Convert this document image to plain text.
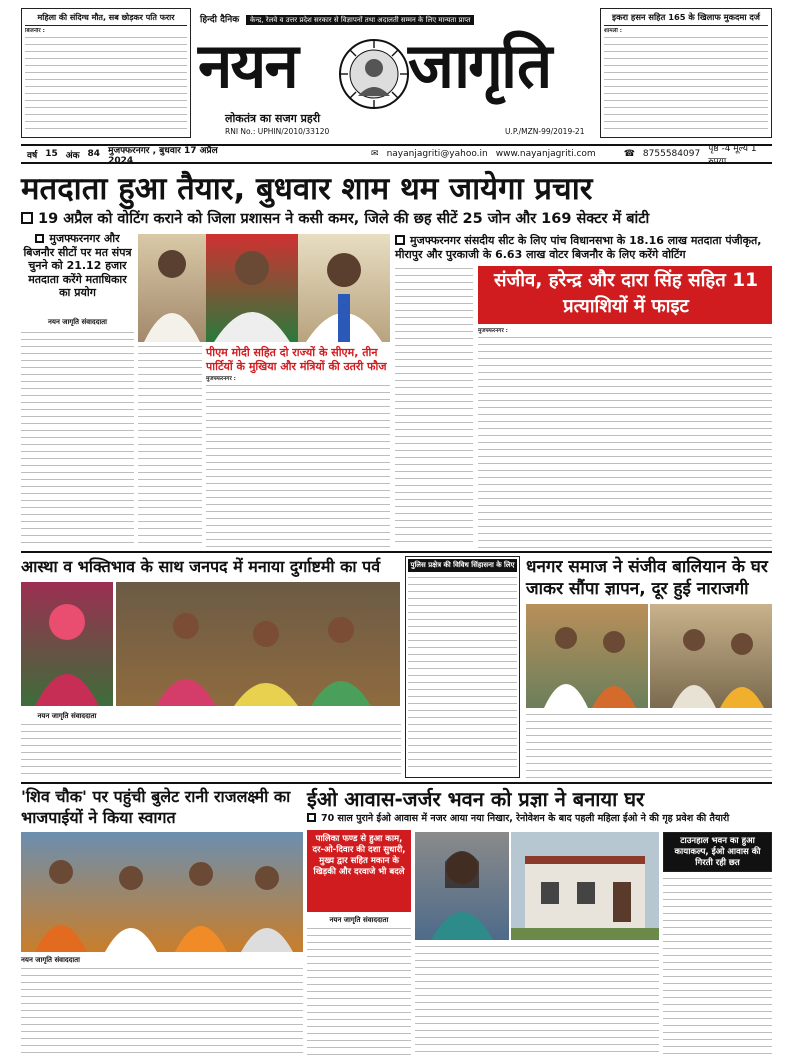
महिला की संदिग्ध मौत, सब छोड़कर पति फरार
बिजनौर :
हिन्दी दैनिक केन्द्र, रेलवे व उत्तर प्रदेश सरकार से विज्ञापनों तथा अदालती सम्मन के लिए मान्यता प्राप्त
नयन जागृति
लोकतंत्र का सजग प्रहरी
RNI No.: UPHIN/2010/33120	U.P./MZN-99/2019-21
इकरा हसन सहित 165 के खिलाफ मुकदमा दर्ज
शामली :
वर्ष 15 अंक 84 मुजफ्फरनगर , बुधवार 17 अप्रैल 2024
✉ nayanjagriti@yahoo.in www.nayanjagriti.com	☎ 8755584097 पृष्ठ -4 मूल्य 1 रुपया
मतदाता हुआ तैयार, बुधवार शाम थम जायेगा प्रचार
19 अप्रैल को वोटिंग कराने को जिला प्रशासन ने कसी कमर, जिले की छह सीटें 25 जोन और 169 सेक्टर में बांटी
मुजफ्फरनगर और बिजनौर सीटों पर मत संपत्र चुनने को 21.12 हजार मतदाता करेंगे मताधिकार का प्रयोग
नयन जागृति संवाददाता
मुजफ्फरनगर संसदीय सीट के लिए पांच विधानसभा के 18.16 लाख मतदाता पंजीकृत, मीरापुर और पुरकाजी के 6.63 लाख वोटर बिजनौर के लिए करेंगे वोटिंग
पीएम मोदी सहित दो राज्यों के सीएम, तीन पार्टियों के मुखिया और मंत्रियों की उतरी फौज
मुजफ्फरनगर :
संजीव, हरेन्द्र और दारा सिंह सहित 11 प्रत्याशियों में फाइट
मुजफ्फरनगर :
आस्था व भक्तिभाव के साथ जनपद में मनाया दुर्गाष्टमी का पर्व
नयन जागृति संवाददाता
पुलिस प्रक्षेत्र की विविध सिंहासना के लिए धनगर समाज ने संजीव बालियान के घर जाकर सौंपा ज्ञापन, दूर हुई नाराजगी
'शिव चौक' पर पहुंची बुलेट रानी राजलक्ष्मी का भाजपाईयों ने किया स्वागत
नयन जागृति संवाददाता
ईओ आवास-जर्जर भवन को प्रज्ञा ने बनाया घर
70 साल पुराने ईओ आवास में नजर आया नया निखार, रेनोवेशन के बाद पहली महिला ईओ ने की गृह प्रवेश की तैयारी
पालिका फण्ड से हुआ काम, दर-ओ-दिवार की दशा सुधारी, मुख्य द्वार सहित मकान के खिड़की और दरवाजे भी बदले
नयन जागृति संवाददाता
टाउनहाल भवन का हुआ कायाकल्प, ईओ आवास की गिरती रही छत
